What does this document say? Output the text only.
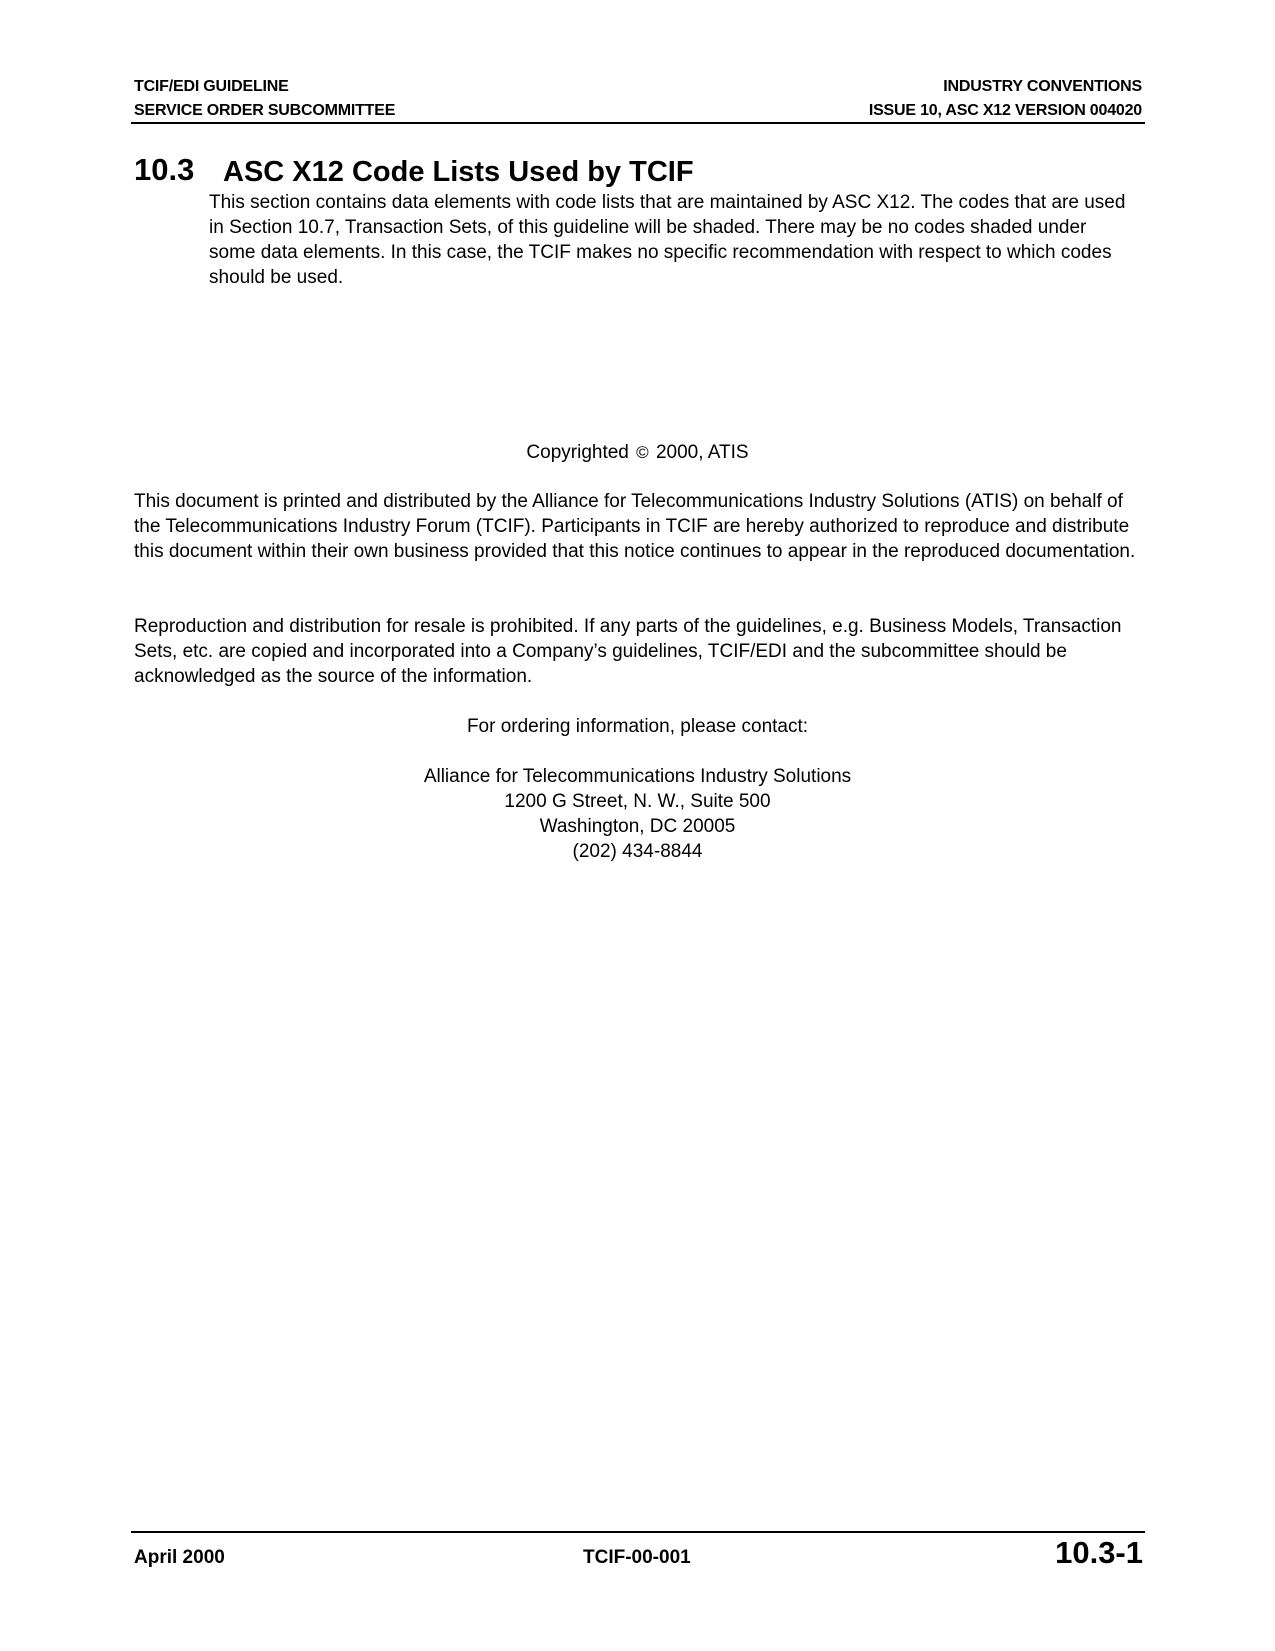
TCIF/EDI GUIDELINE
SERVICE ORDER SUBCOMMITTEE
INDUSTRY CONVENTIONS
ISSUE 10, ASC X12 VERSION 004020
10.3 ASC X12 Code Lists Used by TCIF

This section contains data elements with code lists that are maintained by ASC X12. The codes that are used in Section 10.7, Transaction Sets, of this guideline will be shaded. There may be no codes shaded under some data elements. In this case, the TCIF makes no specific recommendation with respect to which codes should be used.

Copyrighted © 2000, ATIS

This document is printed and distributed by the Alliance for Telecommunications Industry Solutions (ATIS) on behalf of the Telecommunications Industry Forum (TCIF). Participants in TCIF are hereby authorized to reproduce and distribute this document within their own business provided that this notice continues to appear in the reproduced documentation.

Reproduction and distribution for resale is prohibited. If any parts of the guidelines, e.g. Business Models, Transaction Sets, etc. are copied and incorporated into a Company’s guidelines, TCIF/EDI and the subcommittee should be acknowledged as the source of the information.

For ordering information, please contact:
Alliance for Telecommunications Industry Solutions
1200 G Street, N. W., Suite 500
Washington, DC 20005
(202) 434-8844
April 2000	TCIF-00-001	10.3-1
